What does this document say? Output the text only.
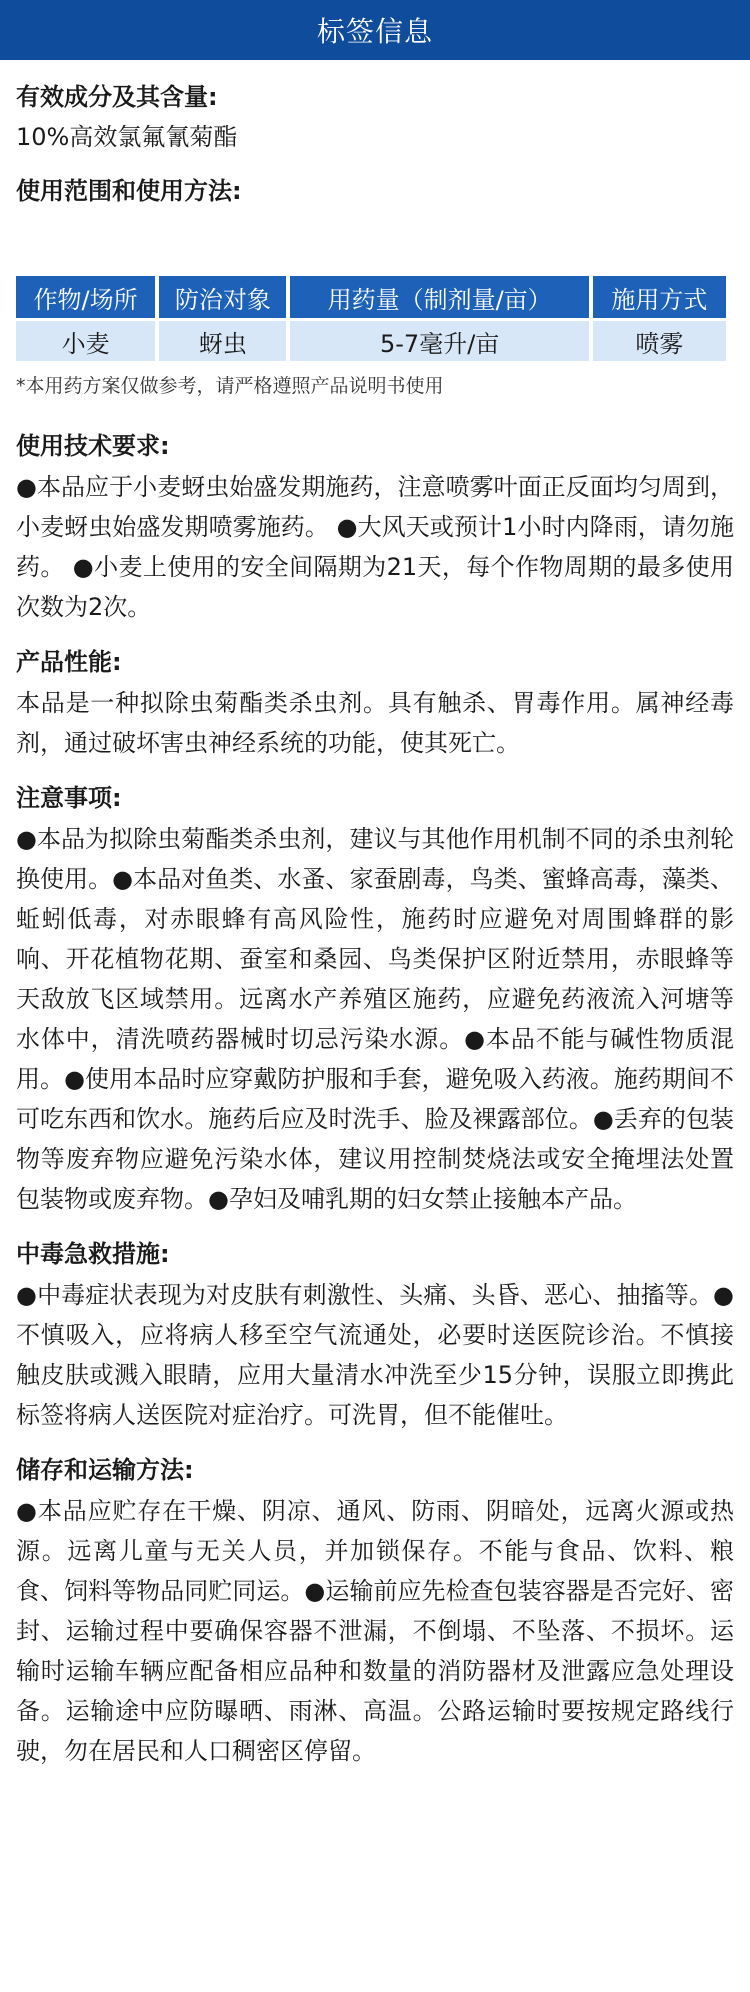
标签信息
有效成分及其含量:
10%高效氯氟氰菊酯
使用范围和使用方法:
作物/场所	防治对象	用药量（制剂量/亩）	施用方式
小麦	蚜虫	5-7毫升/亩	喷雾
*本用药方案仅做参考，请严格遵照产品说明书使用
使用技术要求:
●本品应于小麦蚜虫始盛发期施药，注意喷雾叶面正反面均匀周到，小麦蚜虫始盛发期喷雾施药。 ●大风天或预计1小时内降雨，请勿施药。 ●小麦上使用的安全间隔期为21天，每个作物周期的最多使用次数为2次。
产品性能:
本品是一种拟除虫菊酯类杀虫剂。具有触杀、胃毒作用。属神经毒剂，通过破坏害虫神经系统的功能，使其死亡。
注意事项:
●本品为拟除虫菊酯类杀虫剂，建议与其他作用机制不同的杀虫剂轮换使用。●本品对鱼类、水蚤、家蚕剧毒，鸟类、蜜蜂高毒，藻类、蚯蚓低毒，对赤眼蜂有高风险性，施药时应避免对周围蜂群的影响、开花植物花期、蚕室和桑园、鸟类保护区附近禁用，赤眼蜂等天敌放飞区域禁用。远离水产养殖区施药，应避免药液流入河塘等水体中，清洗喷药器械时切忌污染水源。●本品不能与碱性物质混用。●使用本品时应穿戴防护服和手套，避免吸入药液。施药期间不可吃东西和饮水。施药后应及时洗手、脸及裸露部位。●丢弃的包装物等废弃物应避免污染水体，建议用控制焚烧法或安全掩埋法处置包装物或废弃物。●孕妇及哺乳期的妇女禁止接触本产品。
中毒急救措施:
●中毒症状表现为对皮肤有刺激性、头痛、头昏、恶心、抽搐等。●不慎吸入，应将病人移至空气流通处，必要时送医院诊治。不慎接触皮肤或溅入眼睛，应用大量清水冲洗至少15分钟，误服立即携此标签将病人送医院对症治疗。可洗胃，但不能催吐。
储存和运输方法:
●本品应贮存在干燥、阴凉、通风、防雨、阴暗处，远离火源或热源。远离儿童与无关人员，并加锁保存。不能与食品、饮料、粮食、饲料等物品同贮同运。●运输前应先检查包装容器是否完好、密封、运输过程中要确保容器不泄漏，不倒塌、不坠落、不损坏。运输时运输车辆应配备相应品种和数量的消防器材及泄露应急处理设备。运输途中应防曝晒、雨淋、高温。公路运输时要按规定路线行驶，勿在居民和人口稠密区停留。
